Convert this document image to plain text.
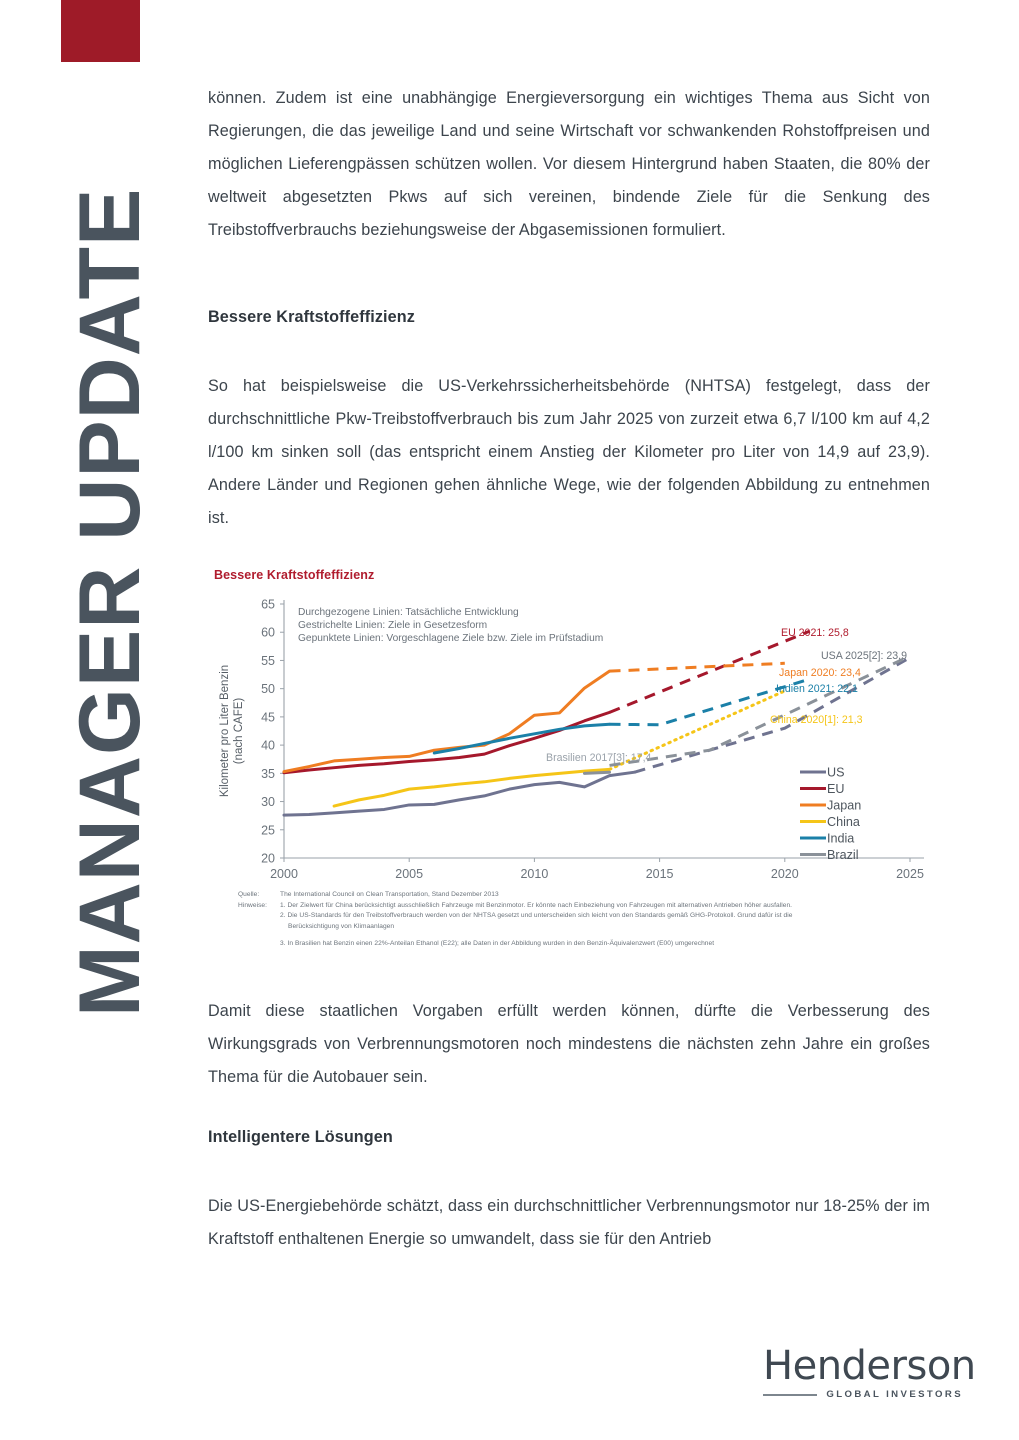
MANAGER UPDATE

können. Zudem ist eine unabhängige Energieversorgung ein wichtiges Thema aus Sicht von Regierungen, die das jeweilige Land und seine Wirtschaft vor schwankenden Rohstoffpreisen und möglichen Lieferengpässen schützen wollen. Vor diesem Hintergrund haben Staaten, die 80% der weltweit abgesetzten Pkws auf sich vereinen, bindende Ziele für die Senkung des Treibstoffverbrauchs beziehungsweise der Abgasemissionen formuliert.

Bessere Kraftstoffeffizienz

So hat beispielsweise die US-Verkehrssicherheitsbehörde (NHTSA) festgelegt, dass der durchschnittliche Pkw-Treibstoffverbrauch bis zum Jahr 2025 von zurzeit etwa 6,7 l/100 km auf 4,2 l/100 km sinken soll (das entspricht einem Anstieg der Kilometer pro Liter von 14,9 auf 23,9). Andere Länder und Regionen gehen ähnliche Wege, wie der folgenden Abbildung zu entnehmen ist.

Bessere Kraftstoffeffizienz
20
25
30
35
40
45
50
55
60
65
2000	2005	2010	2015	2020	2025
Kilometer pro Liter Benzin (nach CAFE)
Durchgezogene Linien: Tatsächliche Entwicklung
Gestrichelte Linien: Ziele in Gesetzesform
Gepunktete Linien: Vorgeschlagene Ziele bzw. Ziele im Prüfstadium	EU 2021: 25,8
USA 2025[2]: 23,9
Japan 2020: 23,4
Indien 2021: 22,1
China 2020[1]: 21,3
Brasilien 2017[3]: 17,4
US
EU
Japan
China
India
Brazil
Quelle:	The International Council on Clean Transportation, Stand Dezember 2013
Hinweise:	1. Der Zielwert für China berücksichtigt ausschließlich Fahrzeuge mit Benzinmotor. Er könnte nach Einbeziehung von Fahrzeugen mit alternativen Antrieben höher ausfallen.
2. Die US-Standards für den Treibstoffverbrauch werden von der NHTSA gesetzt und unterscheiden sich leicht von den Standards gemäß GHG-Protokoll. Grund dafür ist die
Berücksichtigung von Klimaanlagen
3. In Brasilien hat Benzin einen 22%-Anteilan Ethanol (E22); alle Daten in der Abbildung wurden in den Benzin-Äquivalenzwert (E00) umgerechnet

Damit diese staatlichen Vorgaben erfüllt werden können, dürfte die Verbesserung des Wirkungsgrads von Verbrennungsmotoren noch mindestens die nächsten zehn Jahre ein großes Thema für die Autobauer sein.

Intelligentere Lösungen

Die US-Energiebehörde schätzt, dass ein durchschnittlicher Verbrennungsmotor nur 18-25% der im Kraftstoff enthaltenen Energie so umwandelt, dass sie für den Antrieb

Henderson
GLOBAL INVESTORS
